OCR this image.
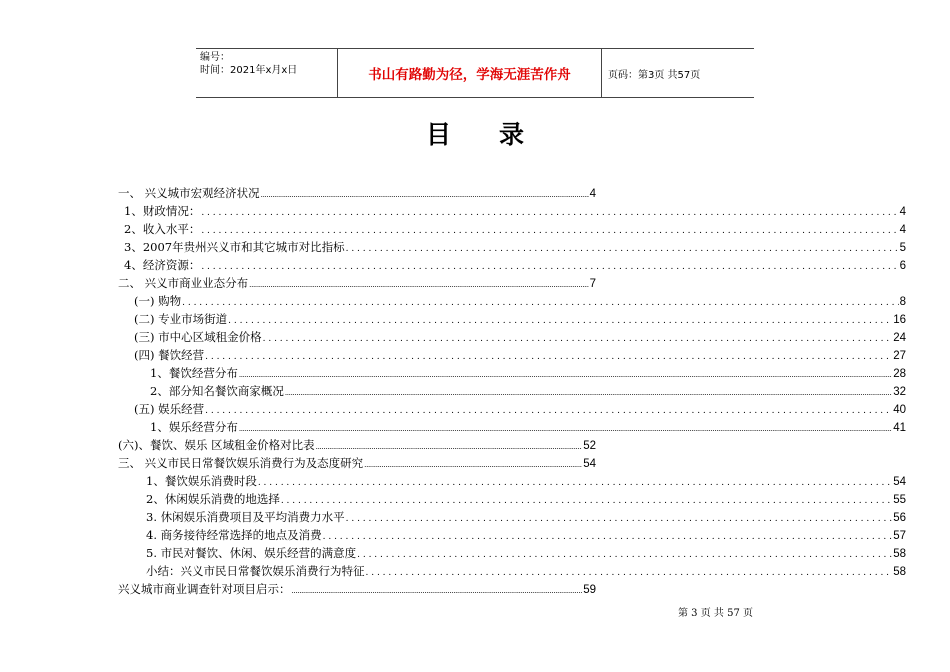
编号：
时间：2021年x月x日	书山有路勤为径，学海无涯苦作舟	页码：第3页 共57页
目录
一、 兴义城市宏观经济状况 .....	4
1、财政情况： . . .	4
2、收入水平： . . .	4
3、2007年贵州兴义市和其它城市对比指标 . . .	5
4、经济资源： . . .	6
二、 兴义市商业业态分布 .....	7
(一) 购物 . . .	8
(二) 专业市场街道 . . .	16
(三) 市中心区域租金价格 . . .	24
(四) 餐饮经营 . . .	27
1、餐饮经营分布 .....	28
2、部分知名餐饮商家概况 .....	32
(五) 娱乐经营 . . .	40
1、娱乐经营分布 .....	41
(六)、餐饮、娱乐 区域租金价格对比表 .....	52
三、 兴义市民日常餐饮娱乐消费行为及态度研究 .....	54
1、餐饮娱乐消费时段 . . .	54
2、休闲娱乐消费的地选择 . . .	55
3. 休闲娱乐消费项目及平均消费力水平 . . .	56
4. 商务接待经常选择的地点及消费 . . .	57
5. 市民对餐饮、休闲、娱乐经营的满意度 . . .	58
小结：兴义市民日常餐饮娱乐消费行为特征 . . .	58
兴义城市商业调查针对项目启示： .....	59
第 3 页 共 57 页
